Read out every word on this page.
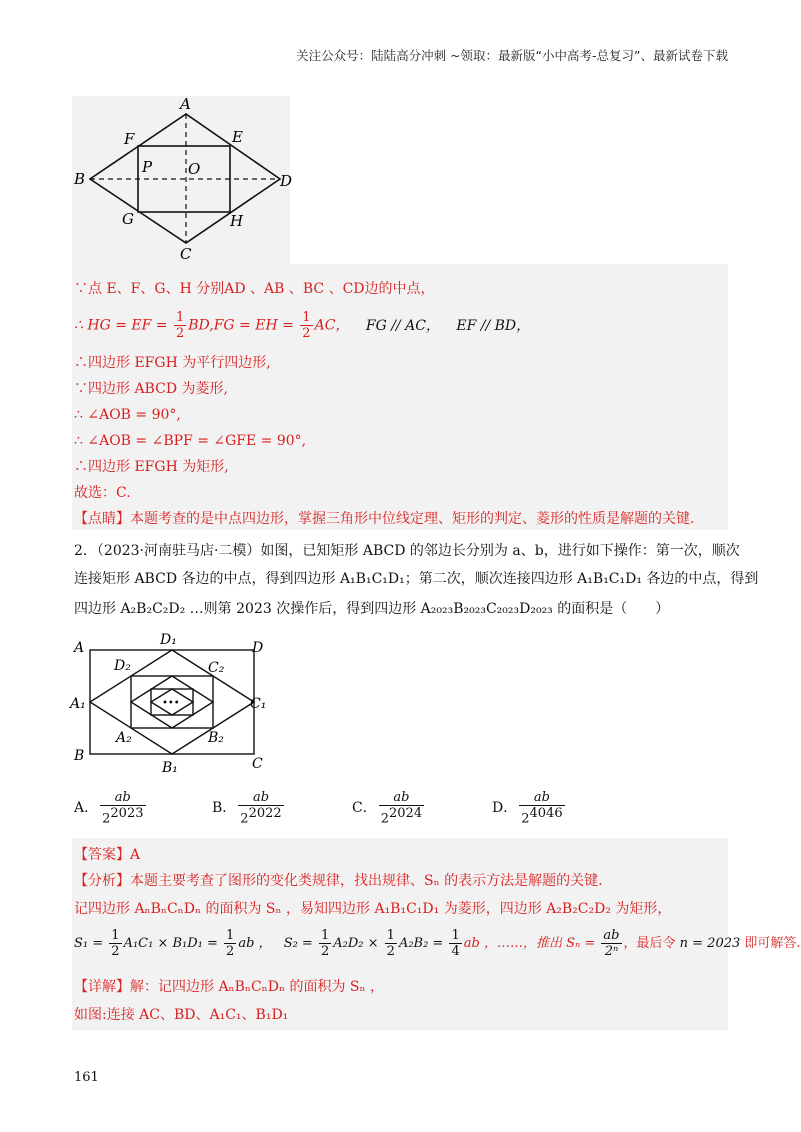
关注公众号：陆陆高分冲刺 ~领取：最新版“小中高考-总复习”、最新试卷下载
A
B
C
D
E
F
G	H
P O
∵点 E、F、G、H 分别AD 、AB 、BC 、CD边的中点，
∴ HG = EF = $\frac{1}{2} BD,FG$ = EH = $\frac{1}{2}$ AC， FG // AC， EF // BD，
∴四边形 EFGH 为平行四边形,
∵四边形 ABCD 为菱形,
∴ ∠AOB = 90°,
∴ ∠AOB = ∠BPF = ∠GFE = 90°,
∴四边形 EFGH 为矩形,
故选：C.
【点睛】本题考查的是中点四边形，掌握三角形中位线定理、矩形的判定、菱形的性质是解题的关键.
2．（2023·河南驻马店·二模）如图，已知矩形 ABCD 的邻边长分别为 a、b，进行如下操作：第一次，顺次
连接矩形 ABCD 各边的中点，得到四边形 A₁B₁C₁D₁；第二次，顺次连接四边形 A₁B₁C₁D₁ 各边的中点，得到
四边形 A₂B₂C₂D₂ …则第 2023 次操作后，得到四边形 A₂₀₂₃B₂₀₂₃C₂₀₂₃D₂₀₂₃ 的面积是（　　）
•••
A	D
B	C
D₁
B₁
A₁	C₁
D₂	C₂
A₂	B₂
A． $\frac{ab}{22023}$	B． $\frac{ab}{22022}$	C． $\frac{ab}{22024}$	D． $\frac{ab}{24046}$
【答案】A
【分析】本题主要考查了图形的变化类规律，找出规律、Sₙ 的表示方法是解题的关键.
记四边形 AₙBₙCₙDₙ 的面积为 Sₙ ，易知四边形 A₁B₁C₁D₁ 为菱形，四边形 A₂B₂C₂D₂ 为矩形，
$S_1 = \frac{1}{2} A_1C_1 \times B_1D_1 = \frac{1}{2}$ ab ， $S_2 = \frac{1}{2} A_2D_2 \times \frac{1}{2} A_2B_2 = \frac{1}{4}$ ab ，……，推出 $S_n = \frac{ab}{\text{2ⁿ}}$ ，最后令 n = 2023 即可解答.
【详解】解：记四边形 AₙBₙCₙDₙ 的面积为 Sₙ ，
如图:连接 AC、BD、A₁C₁、B₁D₁
161
